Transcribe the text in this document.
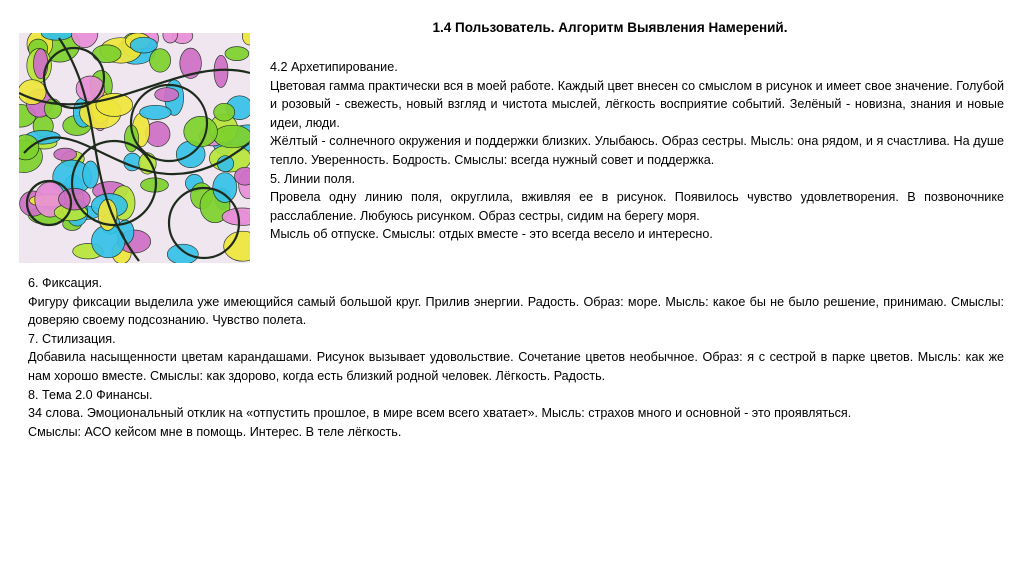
1.4 Пользователь. Алгоритм Выявления Намерений.

4.2 Архетипирование.

Цветовая гамма практически вся в моей работе. Каждый цвет внесен со смыслом в рисунок и имеет свое значение. Голубой и розовый - свежесть, новый взгляд и чистота мыслей, лёгкость восприятие событий. Зелёный - новизна, знания и новые идеи, люди.

Жёлтый - солнечного окружения и поддержки близких. Улыбаюсь. Образ сестры. Мысль: она рядом, и я счастлива. На душе тепло. Уверенность. Бодрость. Смыслы: всегда нужный совет и поддержка.

5. Линии поля.

Провела одну линию поля, округлила, вживляя ее в рисунок. Появилось чувство удовлетворения. В позвоночнике расслабление. Любуюсь рисунком. Образ сестры, сидим на берегу моря.

Мысль об отпуске. Смыслы: отдых вместе - это всегда весело и интересно.

6. Фиксация.

Фигуру фиксации выделила уже имеющийся самый большой круг. Прилив энергии. Радость. Образ: море. Мысль: какое бы не было решение, принимаю. Смыслы: доверяю своему подсознанию. Чувство полета.

7. Стилизация.

Добавила насыщенности цветам карандашами. Рисунок вызывает удовольствие. Сочетание цветов необычное. Образ: я с сестрой в парке цветов. Мысль: как же нам хорошо вместе. Смыслы: как здорово, когда есть близкий родной человек. Лёгкость. Радость.

8. Тема 2.0 Финансы.

34 слова. Эмоциональный отклик на «отпустить прошлое, в мире всем всего хватает». Мысль: страхов много и основной - это проявляться.

Смыслы: АСО кейсом мне в помощь. Интерес. В теле лёгкость.
